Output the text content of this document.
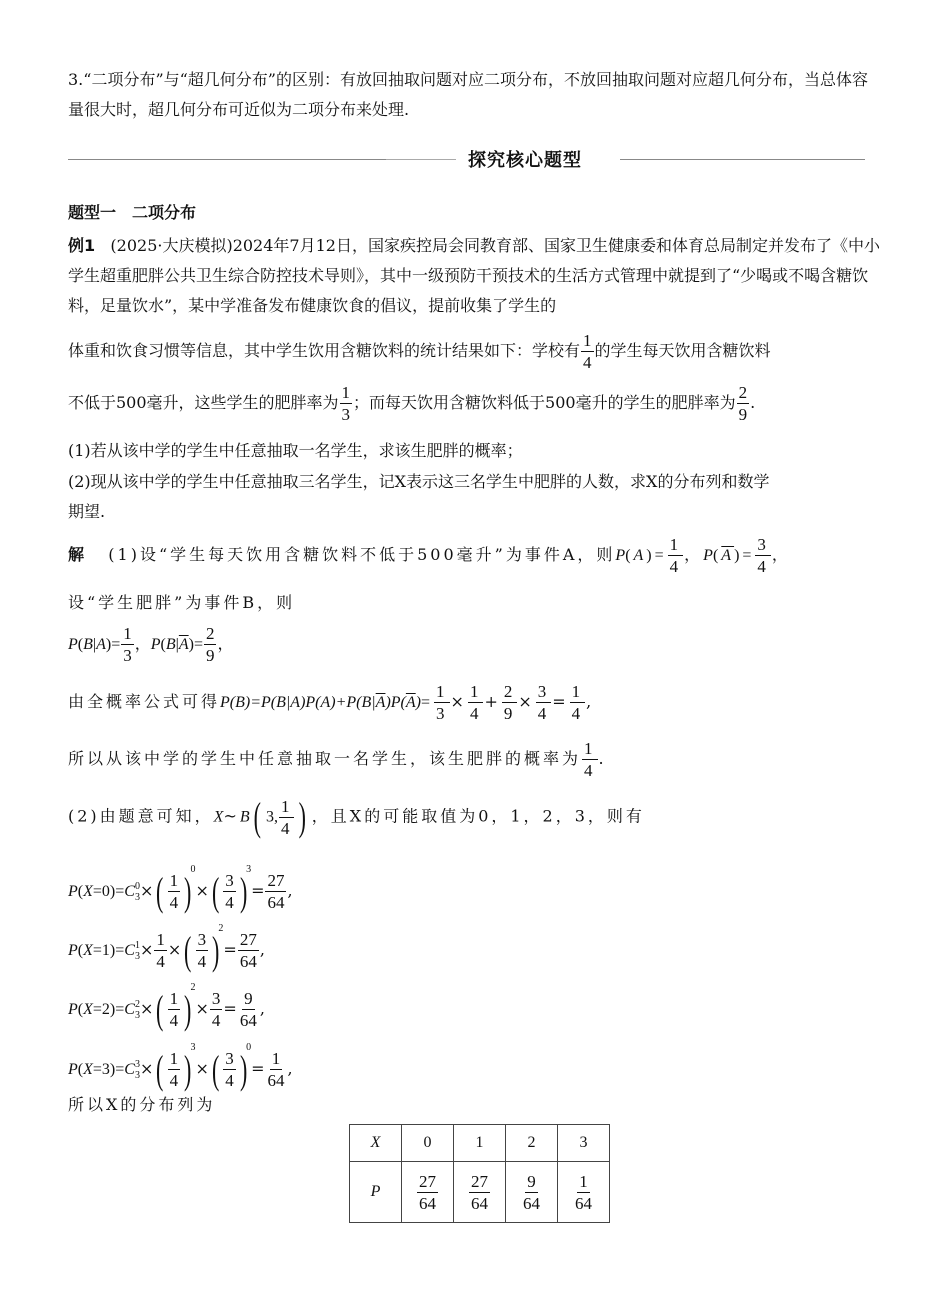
3.“二项分布”与“超几何分布”的区别：有放回抽取问题对应二项分布，不放回抽取问题对应超几何分布，当总体容量很大时，超几何分布可近似为二项分布来处理.
探究核心题型
题型一　二项分布
例1 (2025·大庆模拟)2024年7月12日，国家疾控局会同教育部、国家卫生健康委和体育总局制定并发布了《中小学生超重肥胖公共卫生综合防控技术导则》，其中一级预防干预技术的生活方式管理中就提到了“少喝或不喝含糖饮料，足量饮水”，某中学准备发布健康饮食的倡议，提前收集了学生的
体重和饮食习惯等信息，其中学生饮用含糖饮料的统计结果如下：学校有 $\frac{1}{4}$ 的学生每天饮用含糖饮料
不低于500毫升，这些学生的肥胖率为 $\frac{1}{3}$ ；而每天饮用含糖饮料低于500毫升的学生的肥胖率为 $\frac{2}{9}$ .
(1)若从该中学的学生中任意抽取一名学生，求该生肥胖的概率；
(2)现从该中学的学生中任意抽取三名学生，记X表示这三名学生中肥胖的人数，求X的分布列和数学
期望.
解 (1)设“学生每天饮用含糖饮料不低于500毫升”为事件A，则$P(A)= \frac{1}{4}$ ，$P(\overline{A})= \frac{3}{4}$ ，
设“学生肥胖”为事件B，则
$P(B|A)= \frac{1}{3}$ ，$P(B|\overline{A})= \frac{2}{9}$ ，
由全概率公式可得$P(B)=P(B|A)P(A)+P(B|\overline{A})P(\overline{A})= \frac{1}{3} \times \frac{1}{4} + \frac{2}{9} \times \frac{3}{4} = \frac{1}{4}$ ,
所以从该中学的学生中任意抽取一名学生，该生肥胖的概率为 $\frac{1}{4}$ .
(2)由题意可知，X~B( 3, $\frac{1}{4}$ ) ，且X的可能取值为0，1，2，3，则有
P(X=0)=C 0
3 ×( $\frac{1}{4} )^0\times( \frac{3}{4} )^3= \frac{27}{64}$ ,
P(X=1)=C 1
$3 \times \frac{1}{4}$ ×( $\frac{3}{4} )^2= \frac{27}{64}$ ,
P(X=2)=C 2
3 ×( $\frac{1}{4} )^2\times \frac{3}{4} = \frac{9}{64}$ ,
P(X=3)=C 3
3 ×( $\frac{1}{4} )^3\times( \frac{3}{4} )^0= \frac{1}{64}$ ,
所以X的分布列为
X	0	1	2	3
P	$\frac{27}{64}$	$\frac{27}{64}$	$\frac{9}{64}$	$\frac{1}{64}$
